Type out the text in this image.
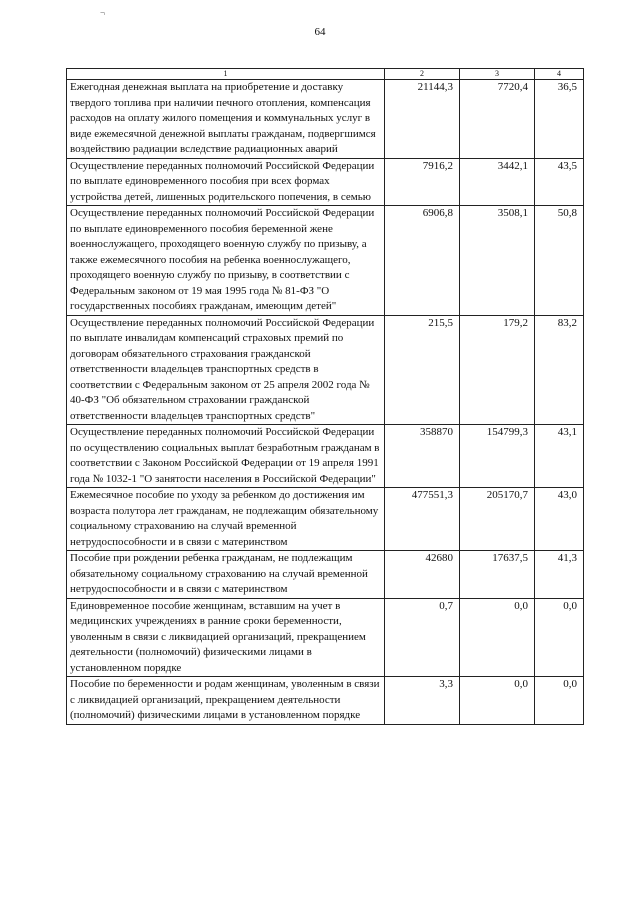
¬
64
1	2	3	4
Ежегодная денежная выплата на приобретение и доставку твердого топлива при наличии печного отопления, компенсация расходов на оплату жилого помещения и коммунальных услуг в виде ежемесячной денежной выплаты гражданам, подвергшимся воздействию радиации вследствие радиационных аварий	21144,3	7720,4	36,5
Осуществление переданных полномочий Российской Федерации по выплате единовременного пособия при всех формах устройства детей, лишенных родительского попечения, в семью	7916,2	3442,1	43,5
Осуществление переданных полномочий Российской Федерации по выплате единовременного пособия беременной жене военнослужащего, проходящего военную службу по призыву, а также ежемесячного пособия на ребенка военнослужащего, проходящего военную службу по призыву, в соответствии с Федеральным законом от 19 мая 1995 года № 81-ФЗ "О государственных пособиях гражданам, имеющим детей"	6906,8	3508,1	50,8
Осуществление переданных полномочий Российской Федерации по выплате инвалидам компенсаций страховых премий по договорам обязательного страхования гражданской ответственности владельцев транспортных средств в соответствии с Федеральным законом от 25 апреля 2002 года № 40-ФЗ "Об обязательном страховании гражданской ответственности владельцев транспортных средств"	215,5	179,2	83,2
Осуществление переданных полномочий Российской Федерации по осуществлению социальных выплат безработным гражданам в соответствии с Законом Российской Федерации от 19 апреля 1991 года № 1032-1 "О занятости населения в Российской Федерации"	358870	154799,3	43,1
Ежемесячное пособие по уходу за ребенком до достижения им возраста полутора лет гражданам, не подлежащим обязательному социальному страхованию на случай временной нетрудоспособности и в связи с материнством	477551,3	205170,7	43,0
Пособие при рождении ребенка гражданам, не подлежащим обязательному социальному страхованию на случай временной нетрудоспособности и в связи с материнством	42680	17637,5	41,3
Единовременное пособие женщинам, вставшим на учет в медицинских учреждениях в ранние сроки беременности, уволенным в связи с ликвидацией организаций, прекращением деятельности (полномочий) физическими лицами в установленном порядке	0,7	0,0	0,0
Пособие по беременности и родам женщинам, уволенным в связи с ликвидацией организаций, прекращением деятельности (полномочий) физическими лицами в установленном порядке	3,3	0,0	0,0
